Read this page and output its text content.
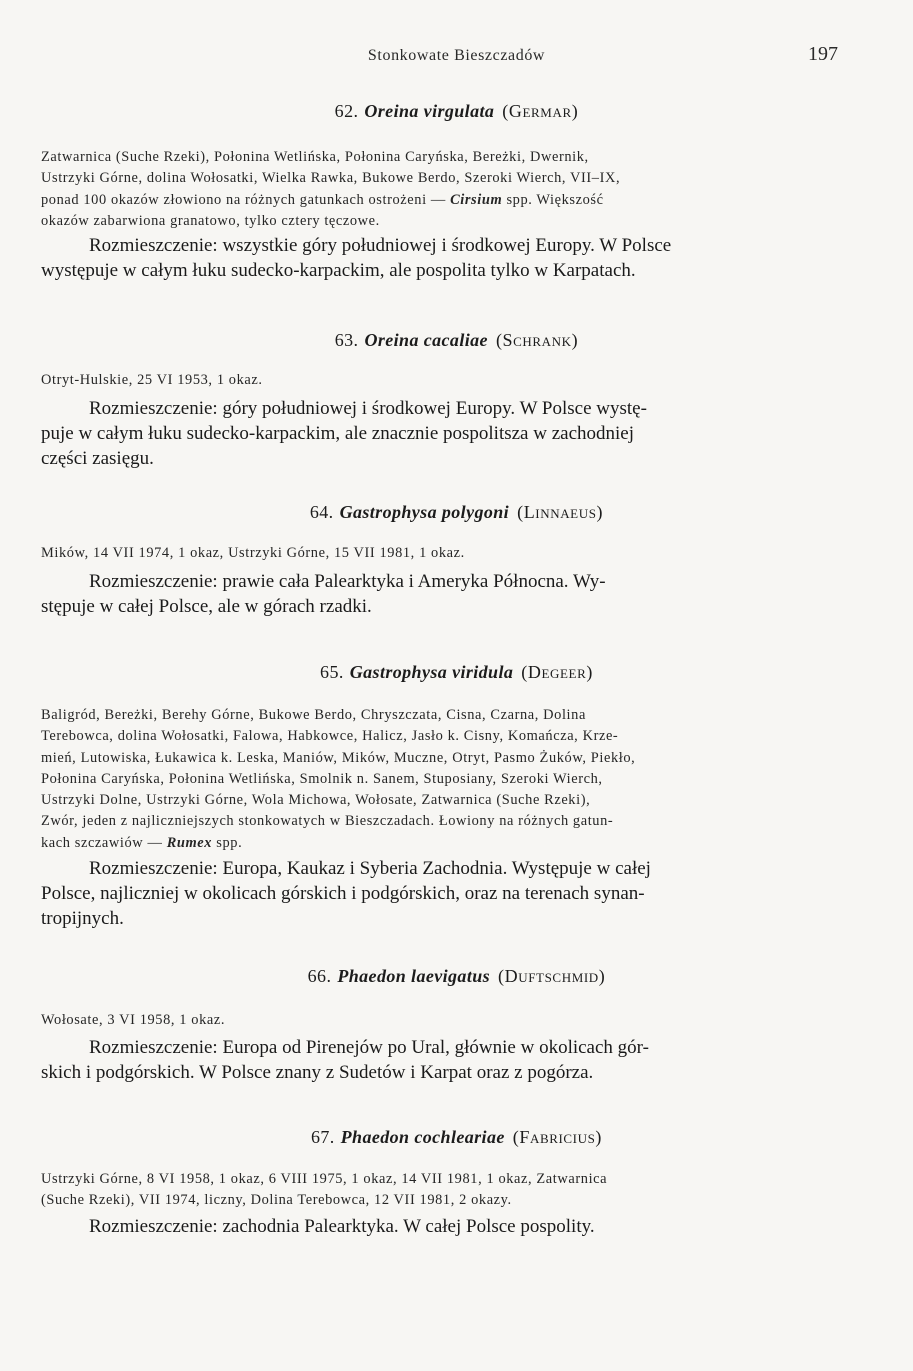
Stonkowate Bieszczadów	197
62. Oreina virgulata (Germar)
Zatwarnica (Suche Rzeki), Połonina Wetlińska, Połonina Caryńska, Bereżki, Dwernik,
Ustrzyki Górne, dolina Wołosatki, Wielka Rawka, Bukowe Berdo, Szeroki Wierch, VII–IX,
ponad 100 okazów złowiono na różnych gatunkach ostrożeni — Cirsium spp. Większość
okazów zabarwiona granatowo, tylko cztery tęczowe.
Rozmieszczenie: wszystkie góry południowej i środkowej Europy. W Polsce
występuje w całym łuku sudecko-karpackim, ale pospolita tylko w Karpatach.
63. Oreina cacaliae (Schrank)
Otryt-Hulskie, 25 VI 1953, 1 okaz.
Rozmieszczenie: góry południowej i środkowej Europy. W Polsce wystę-
puje w całym łuku sudecko-karpackim, ale znacznie pospolitsza w zachodniej
części zasięgu.
64. Gastrophysa polygoni (Linnaeus)
Mików, 14 VII 1974, 1 okaz, Ustrzyki Górne, 15 VII 1981, 1 okaz.
Rozmieszczenie: prawie cała Palearktyka i Ameryka Północna. Wy-
stępuje w całej Polsce, ale w górach rzadki.
65. Gastrophysa viridula (Degeer)
Baligród, Bereżki, Berehy Górne, Bukowe Berdo, Chryszczata, Cisna, Czarna, Dolina
Terebowca, dolina Wołosatki, Falowa, Habkowce, Halicz, Jasło k. Cisny, Komańcza, Krze-
mień, Lutowiska, Łukawica k. Leska, Maniów, Mików, Muczne, Otryt, Pasmo Żuków, Piekło,
Połonina Caryńska, Połonina Wetlińska, Smolnik n. Sanem, Stuposiany, Szeroki Wierch,
Ustrzyki Dolne, Ustrzyki Górne, Wola Michowa, Wołosate, Zatwarnica (Suche Rzeki),
Zwór, jeden z najliczniejszych stonkowatych w Bieszczadach. Łowiony na różnych gatun-
kach szczawiów — Rumex spp.
Rozmieszczenie: Europa, Kaukaz i Syberia Zachodnia. Występuje w całej
Polsce, najliczniej w okolicach górskich i podgórskich, oraz na terenach synan-
tropijnych.
66. Phaedon laevigatus (Duftschmid)
Wołosate, 3 VI 1958, 1 okaz.
Rozmieszczenie: Europa od Pirenejów po Ural, głównie w okolicach gór-
skich i podgórskich. W Polsce znany z Sudetów i Karpat oraz z pogórza.
67. Phaedon cochleariae (Fabricius)
Ustrzyki Górne, 8 VI 1958, 1 okaz, 6 VIII 1975, 1 okaz, 14 VII 1981, 1 okaz, Zatwarnica
(Suche Rzeki), VII 1974, liczny, Dolina Terebowca, 12 VII 1981, 2 okazy.
Rozmieszczenie: zachodnia Palearktyka. W całej Polsce pospolity.
